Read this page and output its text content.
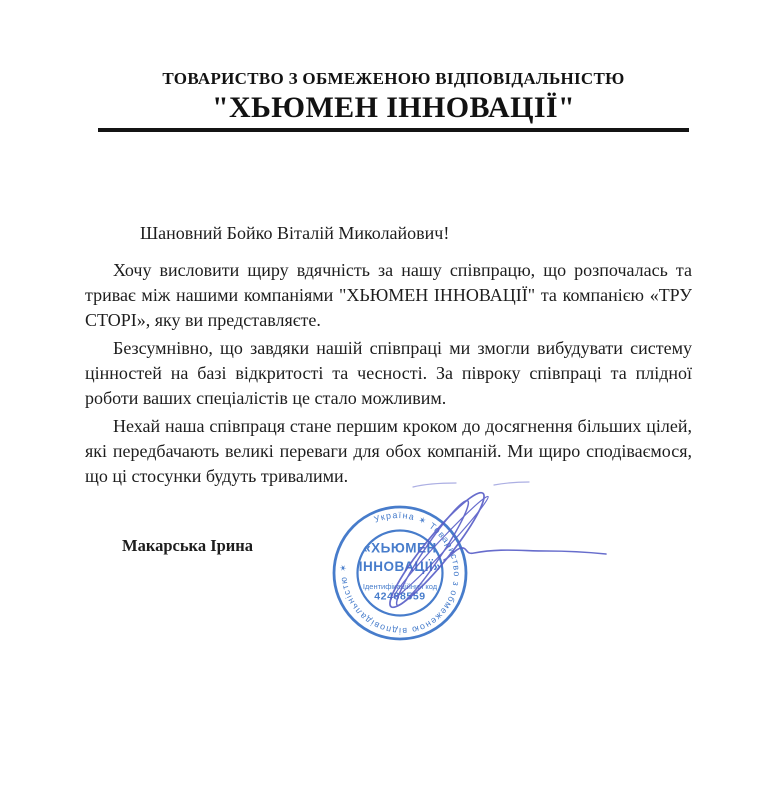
ТОВАРИСТВО З ОБМЕЖЕНОЮ ВІДПОВІДАЛЬНІСТЮ
"ХЬЮМЕН ІННОВАЦІЇ"
Шановний Бойко Віталій Миколайович!

Хочу висловити щиру вдячність за нашу співпрацю, що розпочалась та триває між нашими компаніями "ХЬЮМЕН ІННОВАЦІЇ" та компанією «ТРУ СТОРІ», яку ви представляєте.

Безсумнівно, що завдяки нашій співпраці ми змогли вибудувати систему цінностей на базі відкритості та чесності. За півроку співпраці та плідної роботи ваших спеціалістів це стало можливим.

Нехай наша співпраця стане першим кроком до досягнення більших цілей, які передбачають великі переваги для обох компаній. Ми щиро сподіваємося, що ці стосунки будуть тривалими.

Макарська Ірина
Україна ✶ Товариство з обмеженою відповідальністю ✶
«ХЬЮМЕН
ІННОВАЦІЇ»
Ідентифікаційний код
42488559
